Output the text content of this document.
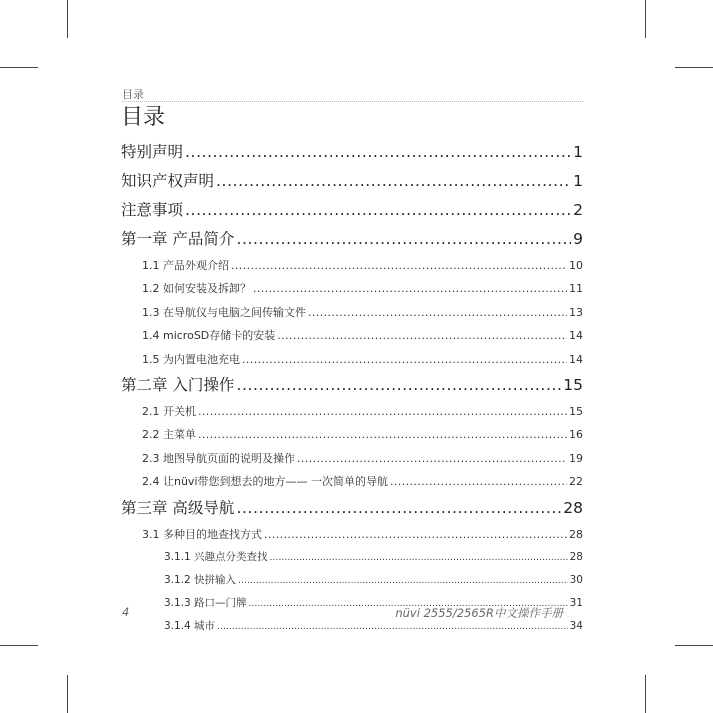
目录
目录
特别声明 .....	1
知识产权声明 .....	1
注意事项 .....	2
第一章 产品简介 .....	9
1.1 产品外观介绍 .....	10
1.2 如何安装及拆卸？ .....	11
1.3 在导航仪与电脑之间传输文件 .....	13
1.4 microSD存储卡的安装 .....	14
1.5 为内置电池充电 .....	14
第二章 入门操作 .....	15
2.1 开关机 .....	15
2.2 主菜单 .....	16
2.3 地图导航页面的说明及操作 .....	19
2.4 让nüvi带您到想去的地方—— 一次简单的导航 .....	22
第三章 高级导航 .....	28
3.1 多种目的地查找方式 .....	28
3.1.1 兴趣点分类查找 .....	28
3.1.2 快拼输入 .....	30
3.1.3 路口—门牌 .....	31
3.1.4 城市 .....	34
4	nüvi 2555/2565R中文操作手册
